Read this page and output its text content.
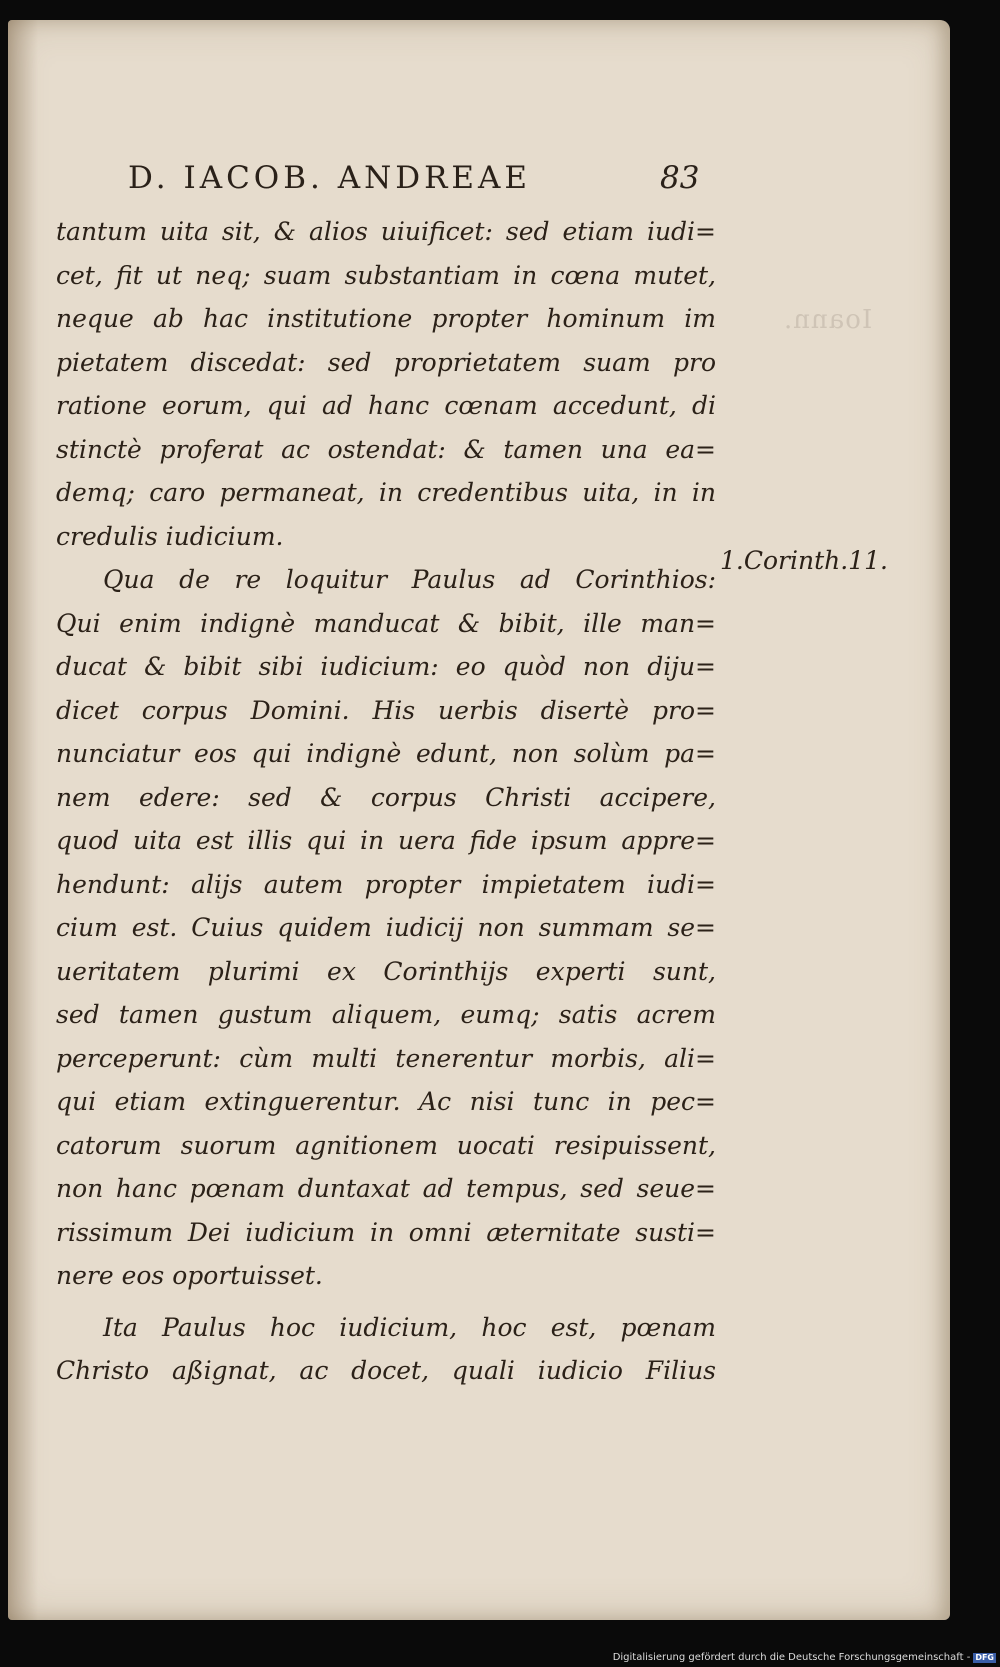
Ioann.
D. IACOB. ANDREAE	83
tantum uita sit, & alios uiuificet: sed etiam iudi=
cet, fit ut neq; suam substantiam in cœna mutet,
neque ab hac institutione propter hominum im
pietatem discedat: sed proprietatem suam pro
ratione eorum, qui ad hanc cœnam accedunt, di
stinctè proferat ac ostendat: & tamen una ea=
demq; caro permaneat, in credentibus uita, in in
credulis iudicium.
Qua de re loquitur Paulus ad Corinthios:
Qui enim indignè manducat & bibit, ille man=
ducat & bibit sibi iudicium: eo quòd non diju=
dicet corpus Domini. His uerbis disertè pro=
nunciatur eos qui indignè edunt, non solùm pa=
nem edere: sed & corpus Christi accipere,
quod uita est illis qui in uera fide ipsum appre=
hendunt: alijs autem propter impietatem iudi=
cium est. Cuius quidem iudicij non summam se=
ueritatem plurimi ex Corinthijs experti sunt,
sed tamen gustum aliquem, eumq; satis acrem
perceperunt: cùm multi tenerentur morbis, ali=
qui etiam extinguerentur. Ac nisi tunc in pec=
catorum suorum agnitionem uocati resipuissent,
non hanc pœnam duntaxat ad tempus, sed seue=
rissimum Dei iudicium in omni æternitate susti=
nere eos oportuisset.
Ita Paulus hoc iudicium, hoc est, pœnam
Christo aßignat, ac docet, quali iudicio Filius
1.Corinth.11.
Digitalisierung gefördert durch die Deutsche Forschungsgemeinschaft - DFG
